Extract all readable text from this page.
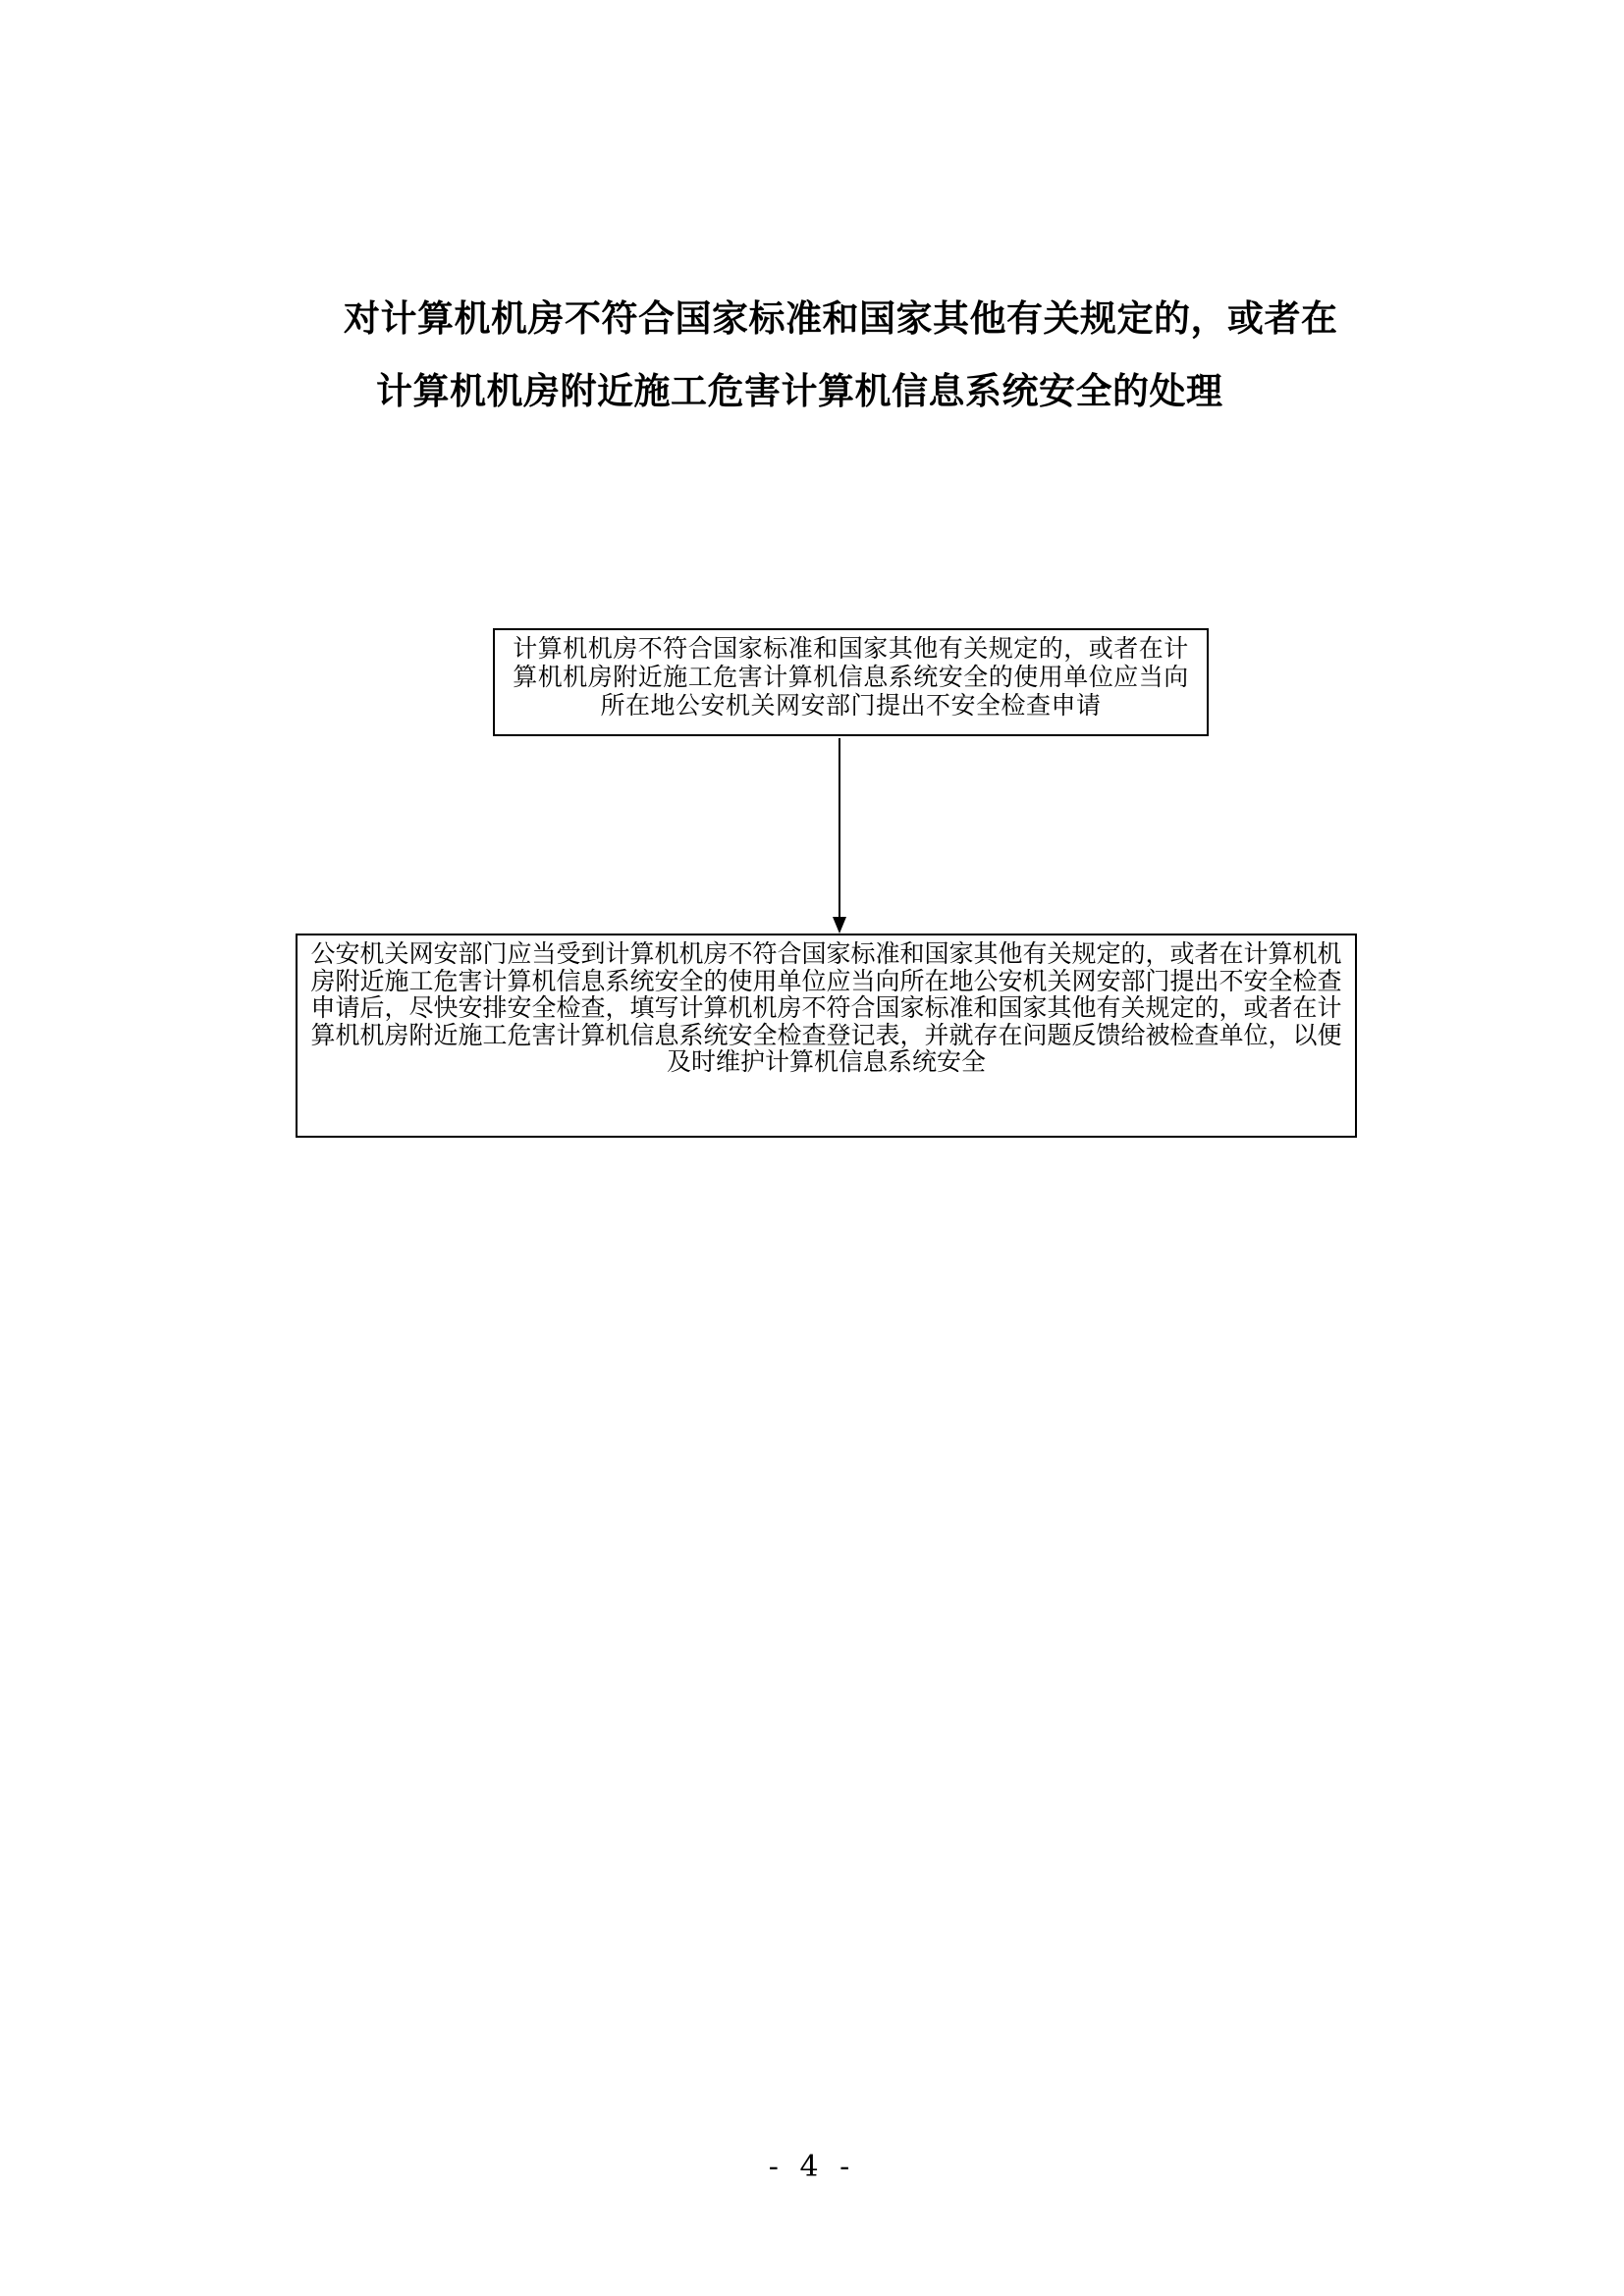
对计算机机房不符合国家标准和国家其他有关规定的，或者在
计算机机房附近施工危害计算机信息系统安全的处理

计算机机房不符合国家标准和国家其他有关规定的，或者在计算机机房附近施工危害计算机信息系统安全的使用单位应当向所在地公安机关网安部门提出不安全检查申请

公安机关网安部门应当受到计算机机房不符合国家标准和国家其他有关规定的，或者在计算机机房附近施工危害计算机信息系统安全的使用单位应当向所在地公安机关网安部门提出不安全检查申请后，尽快安排安全检查，填写计算机机房不符合国家标准和国家其他有关规定的，或者在计算机机房附近施工危害计算机信息系统安全检查登记表，并就存在问题反馈给被检查单位，以便及时维护计算机信息系统安全

- 4 -
